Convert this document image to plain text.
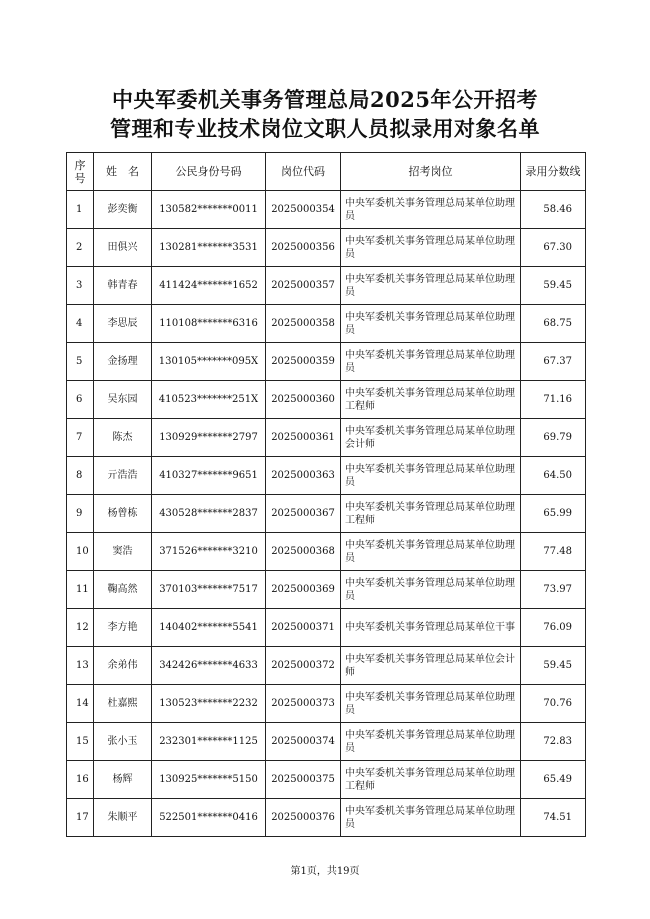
中央军委机关事务管理总局2025年公开招考
管理和专业技术岗位文职人员拟录用对象名单
序号	姓　名	公民身份号码	岗位代码	招考岗位	录用分数线
1	彭奕衡	130582*******0011	2025000354	中央军委机关事务管理总局某单位助理员	58.46
2	田俱兴	130281*******3531	2025000356	中央军委机关事务管理总局某单位助理员	67.30
3	韩青春	411424*******1652	2025000357	中央军委机关事务管理总局某单位助理员	59.45
4	李思辰	110108*******6316	2025000358	中央军委机关事务管理总局某单位助理员	68.75
5	金扬理	130105*******095X	2025000359	中央军委机关事务管理总局某单位助理员	67.37
6	吴东园	410523*******251X	2025000360	中央军委机关事务管理总局某单位助理工程师	71.16
7	陈杰	130929*******2797	2025000361	中央军委机关事务管理总局某单位助理会计师	69.79
8	亓浩浩	410327*******9651	2025000363	中央军委机关事务管理总局某单位助理员	64.50
9	杨曾栋	430528*******2837	2025000367	中央军委机关事务管理总局某单位助理工程师	65.99
10	窦浩	371526*******3210	2025000368	中央军委机关事务管理总局某单位助理员	77.48
11	鞠高然	370103*******7517	2025000369	中央军委机关事务管理总局某单位助理员	73.97
12	李方艳	140402*******5541	2025000371	中央军委机关事务管理总局某单位干事	76.09
13	余弟伟	342426*******4633	2025000372	中央军委机关事务管理总局某单位会计师	59.45
14	杜嘉熙	130523*******2232	2025000373	中央军委机关事务管理总局某单位助理员	70.76
15	张小玉	232301*******1125	2025000374	中央军委机关事务管理总局某单位助理员	72.83
16	杨辉	130925*******5150	2025000375	中央军委机关事务管理总局某单位助理工程师	65.49
17	朱顺平	522501*******0416	2025000376	中央军委机关事务管理总局某单位助理员	74.51
第1页，共19页
